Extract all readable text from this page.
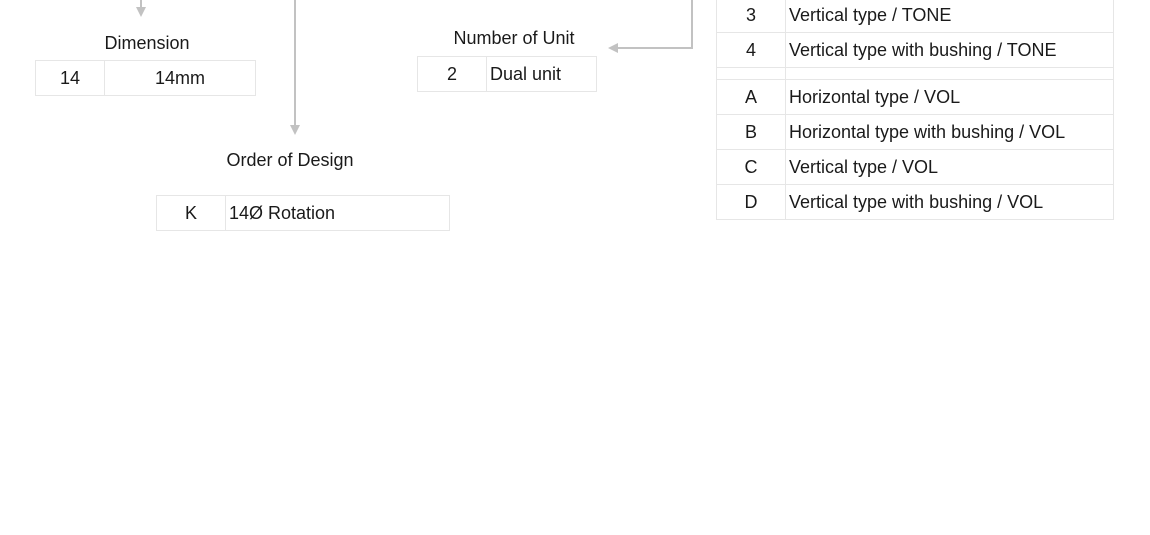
Dimension
14	14mm
Order of Design
K	14Ø Rotation
Number of Unit
2	Dual unit
3	Vertical type / TONE
4	Vertical type with bushing / TONE

A	Horizontal type / VOL
B	Horizontal type with bushing / VOL
C	Vertical type / VOL
D	Vertical type with bushing / VOL
